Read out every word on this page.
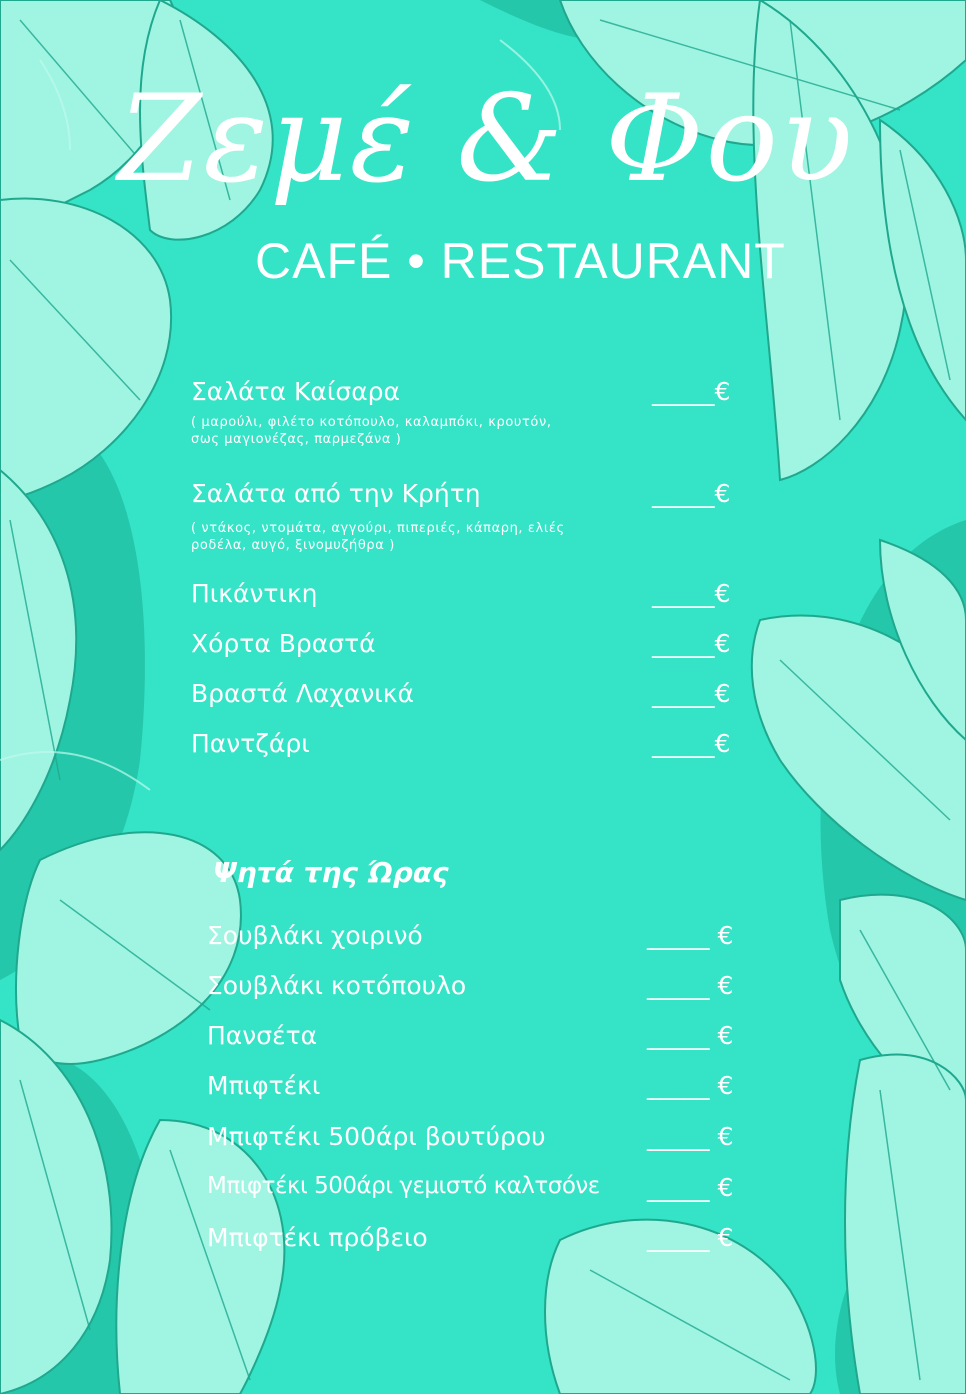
Ζεμέ & Φου
CAFÉ • RESTAURANT
Σαλάτα Καίσαρα	_____€
( μαρούλι, φιλέτο κοτόπουλο, καλαμπόκι, κρουτόν, σως μαγιονέζας, παρμεζάνα )
Σαλάτα από την Κρήτη	_____€
( ντάκος, ντομάτα, αγγούρι, πιπεριές, κάπαρη, ελιές ροδέλα, αυγό, ξινομυζήθρα )
Πικάντικη	_____€
Χόρτα Βραστά	_____€
Βραστά Λαχανικά	_____€
Παντζάρι	_____€
Ψητά της Ώρας
Σουβλάκι χοιρινό	_____ €
Σουβλάκι κοτόπουλο	_____ €
Πανσέτα	_____ €
Μπιφτέκι	_____ €
Μπιφτέκι 500άρι βουτύρου	_____ €
Μπιφτέκι 500άρι γεμιστό καλτσόνε _____ €
Μπιφτέκι πρόβειο	_____ €
